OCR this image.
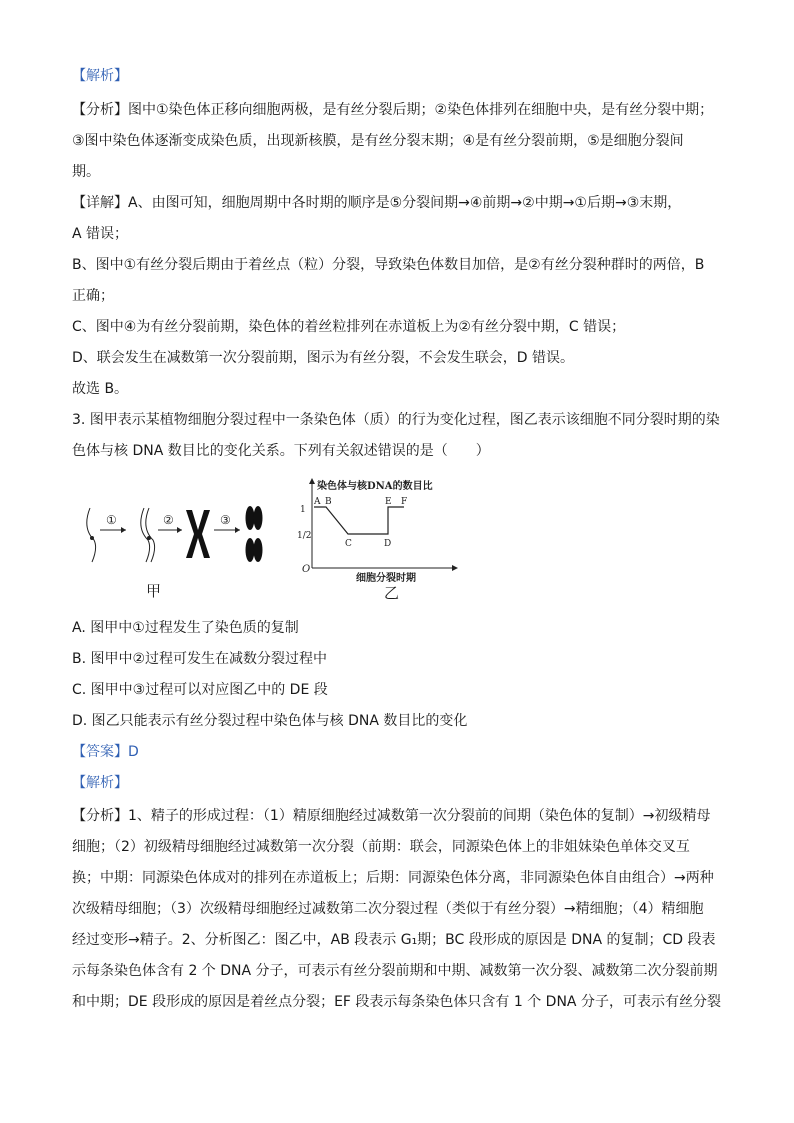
【解析】
【分析】图中①染色体正移向细胞两极，是有丝分裂后期；②染色体排列在细胞中央，是有丝分裂中期；
③图中染色体逐渐变成染色质，出现新核膜，是有丝分裂末期；④是有丝分裂前期，⑤是细胞分裂间
期。
【详解】A、由图可知，细胞周期中各时期的顺序是⑤分裂间期→④前期→②中期→①后期→③末期，
A 错误；
B、图中①有丝分裂后期由于着丝点（粒）分裂，导致染色体数目加倍，是②有丝分裂种群时的两倍，B
正确；
C、图中④为有丝分裂前期，染色体的着丝粒排列在赤道板上为②有丝分裂中期，C 错误；
D、联会发生在减数第一次分裂前期，图示为有丝分裂，不会发生联会，D 错误。
故选 B。
3. 图甲表示某植物细胞分裂过程中一条染色体（质）的行为变化过程，图乙表示该细胞不同分裂时期的染
色体与核 DNA 数目比的变化关系。下列有关叙述错误的是（　　）
①	②	③
甲
染色体与核DNA的数目比
O
1
1/2
A B
C	D
E F
细胞分裂时期
乙
A. 图甲中①过程发生了染色质的复制
B. 图甲中②过程可发生在减数分裂过程中
C. 图甲中③过程可以对应图乙中的 DE 段
D. 图乙只能表示有丝分裂过程中染色体与核 DNA 数目比的变化
【答案】D
【解析】
【分析】1、精子的形成过程：（1）精原细胞经过减数第一次分裂前的间期（染色体的复制）→初级精母
细胞；（2）初级精母细胞经过减数第一次分裂（前期：联会，同源染色体上的非姐妹染色单体交叉互
换；中期：同源染色体成对的排列在赤道板上；后期：同源染色体分离，非同源染色体自由组合）→两种
次级精母细胞；（3）次级精母细胞经过减数第二次分裂过程（类似于有丝分裂）→精细胞；（4）精细胞
经过变形→精子。2、分析图乙：图乙中，AB 段表示 G₁期；BC 段形成的原因是 DNA 的复制；CD 段表
示每条染色体含有 2 个 DNA 分子，可表示有丝分裂前期和中期、减数第一次分裂、减数第二次分裂前期
和中期；DE 段形成的原因是着丝点分裂；EF 段表示每条染色体只含有 1 个 DNA 分子，可表示有丝分裂
